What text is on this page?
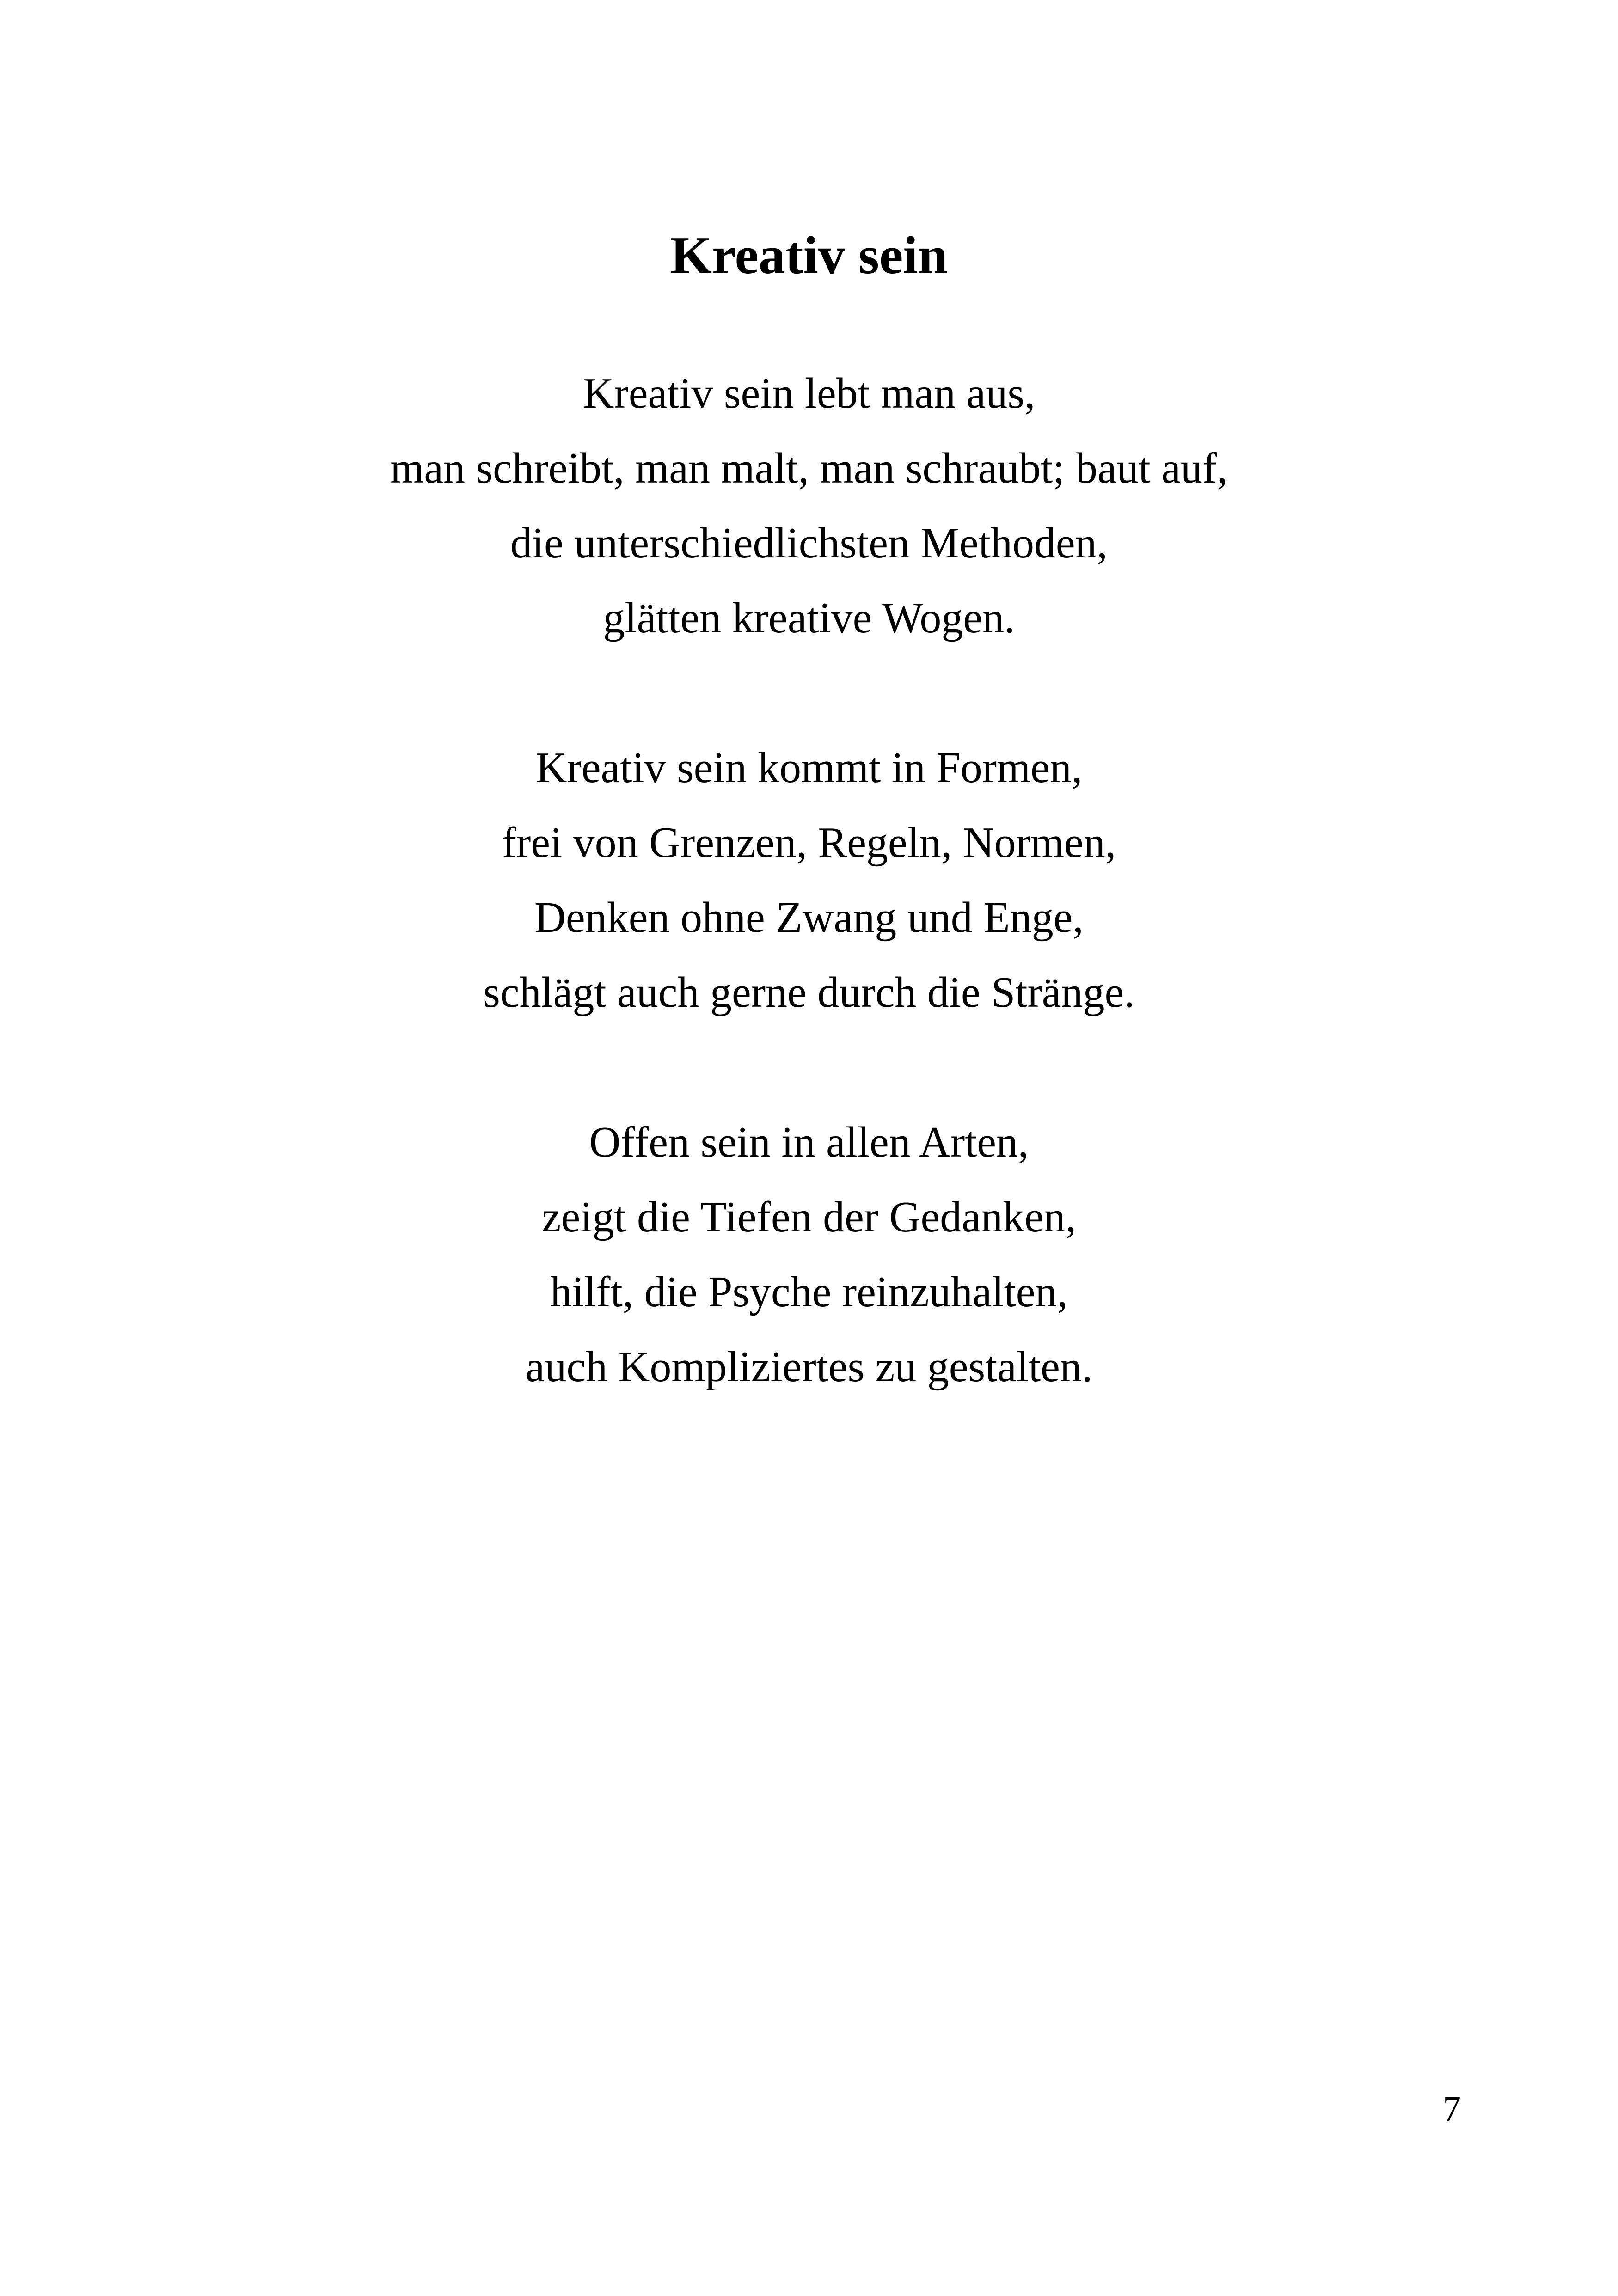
Kreativ sein
Kreativ sein lebt man aus,
man schreibt, man malt, man schraubt; baut auf,
die unterschiedlichsten Methoden,
glätten kreative Wogen.
Kreativ sein kommt in Formen,
frei von Grenzen, Regeln, Normen,
Denken ohne Zwang und Enge,
schlägt auch gerne durch die Stränge.
Offen sein in allen Arten,
zeigt die Tiefen der Gedanken,
hilft, die Psyche reinzuhalten,
auch Kompliziertes zu gestalten.
7
